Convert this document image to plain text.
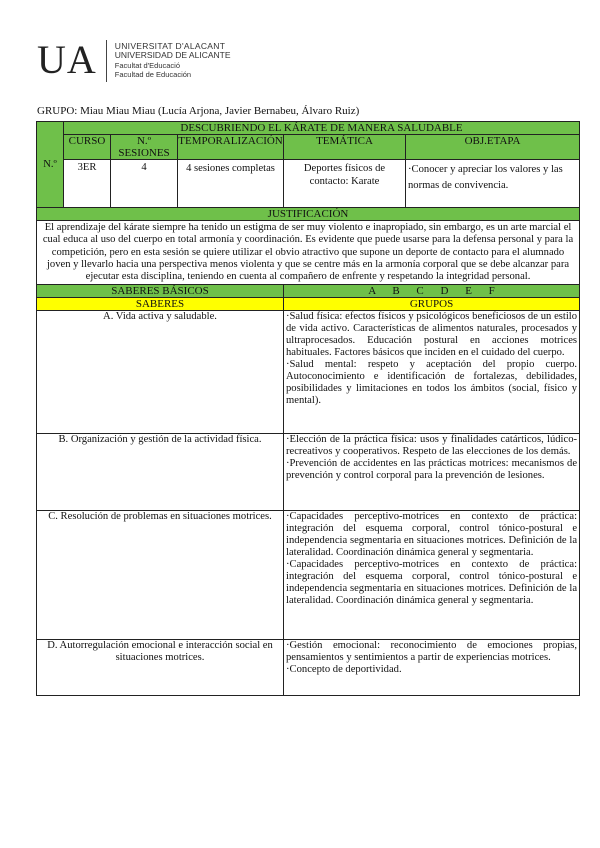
UA UNIVERSITAT D'ALACANT
UNIVERSIDAD DE ALICANTE
Facultat d'Educació
Facultad de Educación
GRUPO: Miau Miau Miau (Lucía Arjona, Javier Bernabeu, Álvaro Ruiz)
N.º	DESCUBRIENDO EL KÁRATE DE MANERA SALUDABLE				
	CURSO	N.º SESIONES	TEMPORALIZACIÓN	TEMÁTICA	OBJ.ETAPA
	3ER	4	4 sesiones completas	Deportes físicos de contacto: Karate	·Conocer y apreciar los valores y las normas de convivencia.
JUSTIFICACIÓN					
El aprendizaje del kárate siempre ha tenido un estigma de ser muy violento e inapropiado, sin embargo, es un arte marcial el cual educa al uso del cuerpo en total armonía y coordinación. Es evidente que puede usarse para la defensa personal y para la competición, pero en esta sesión se quiere utilizar el obvio atractivo que supone un deporte de contacto para el alumnado joven y llevarlo hacia una perspectiva menos violenta y que se centre más en la armonía corporal que se debe alcanzar para ejecutar esta disciplina, teniendo en cuenta al compañero de enfrente y respetando la integridad personal.					
SABERES BÁSICOS				A B C D E F	
SABERES				GRUPOS	
A. Vida activa y saludable.				·Salud física: efectos físicos y psicológicos beneficiosos de un estilo de vida activo. Características de alimentos naturales, procesados y ultraprocesados. Educación postural en acciones motrices habituales. Factores básicos que inciden en el cuidado del cuerpo.

·Salud mental: respeto y aceptación del propio cuerpo. Autoconocimiento e identificación de fortalezas, debilidades, posibilidades y limitaciones en todos los ámbitos (social, físico y mental).	

B. Organización y gestión de la actividad física.				·Elección de la práctica física: usos y finalidades catárticos, lúdico-recreativos y cooperativos. Respeto de las elecciones de los demás.

·Prevención de accidentes en las prácticas motrices: mecanismos de prevención y control corporal para la prevención de lesiones.	

C. Resolución de problemas en situaciones motrices.				·Capacidades perceptivo-motrices en contexto de práctica: integración del esquema corporal, control tónico-postural e independencia segmentaria en situaciones motrices. Definición de la lateralidad. Coordinación dinámica general y segmentaria.

·Capacidades perceptivo-motrices en contexto de práctica: integración del esquema corporal, control tónico-postural e independencia segmentaria en situaciones motrices. Definición de la lateralidad. Coordinación dinámica general y segmentaria.	

D. Autorregulación emocional e interacción social en situaciones motrices.				·Gestión emocional: reconocimiento de emociones propias, pensamientos y sentimientos a partir de experiencias motrices.

·Concepto de deportividad.	
